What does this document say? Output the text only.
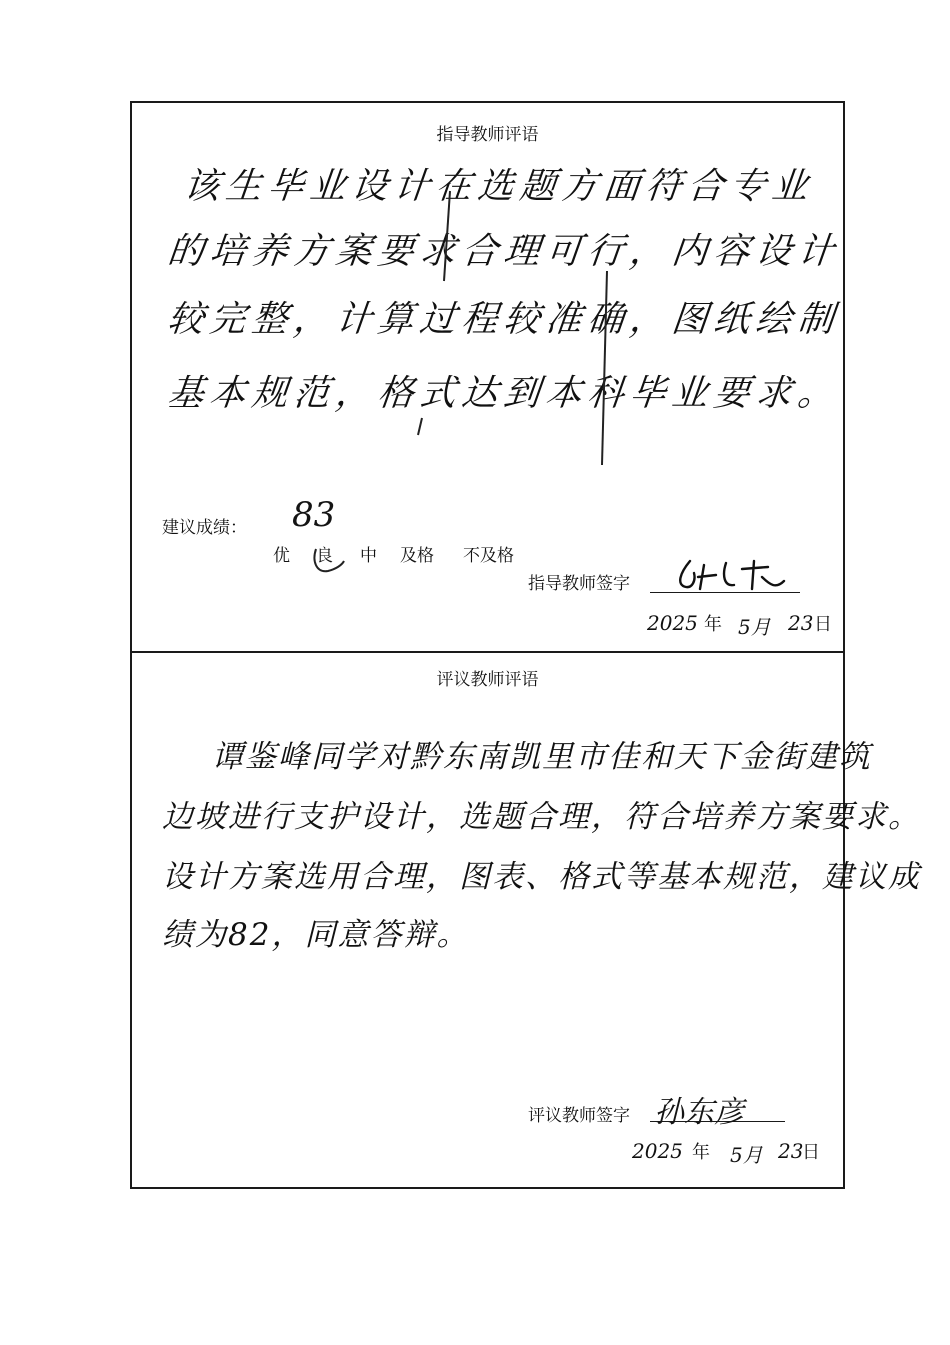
指导教师评语
该生毕业设计在选题方面符合专业
的培养方案要求合理可行，内容设计
较完整，计算过程较准确，图纸绘制
基本规范，格式达到本科毕业要求。
建议成绩： 83
优 良 中 及格 不及格
指导教师签字
2025 年 5月 23 日
评议教师评语
谭鉴峰同学对黔东南凯里市佳和天下金街建筑
边坡进行支护设计，选题合理，符合培养方案要求。
设计方案选用合理，图表、格式等基本规范，建议成
绩为82，同意答辩。
评议教师签字 孙东彦
2025 年 5月 23
日
